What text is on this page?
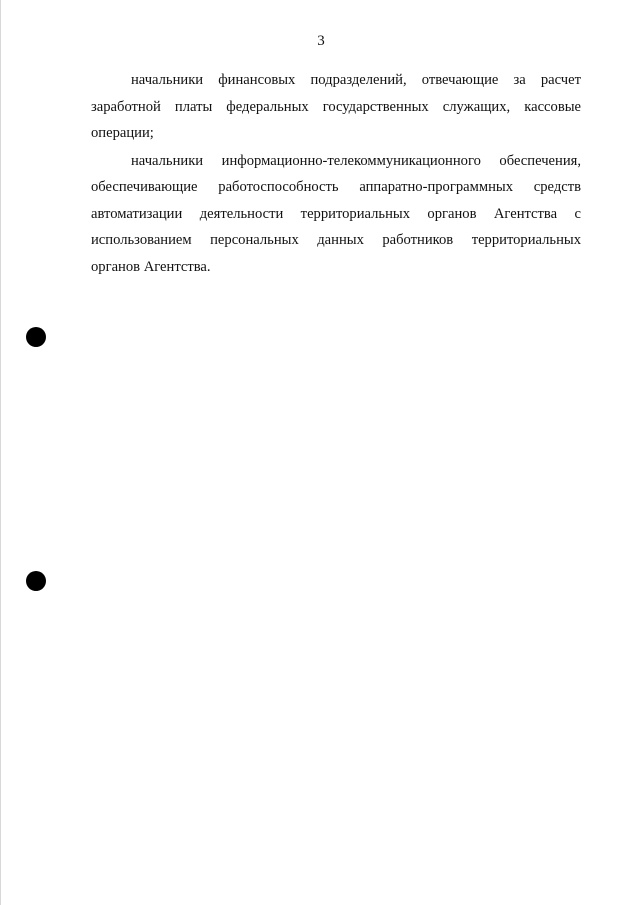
3
начальники финансовых подразделений, отвечающие за расчет
заработной платы федеральных государственных служащих, кассовые
операции;
начальники информационно-телекоммуникационного обеспечения,
обеспечивающие работоспособность аппаратно-программных средств
автоматизации деятельности территориальных органов Агентства с
использованием персональных данных работников территориальных
органов Агентства.
